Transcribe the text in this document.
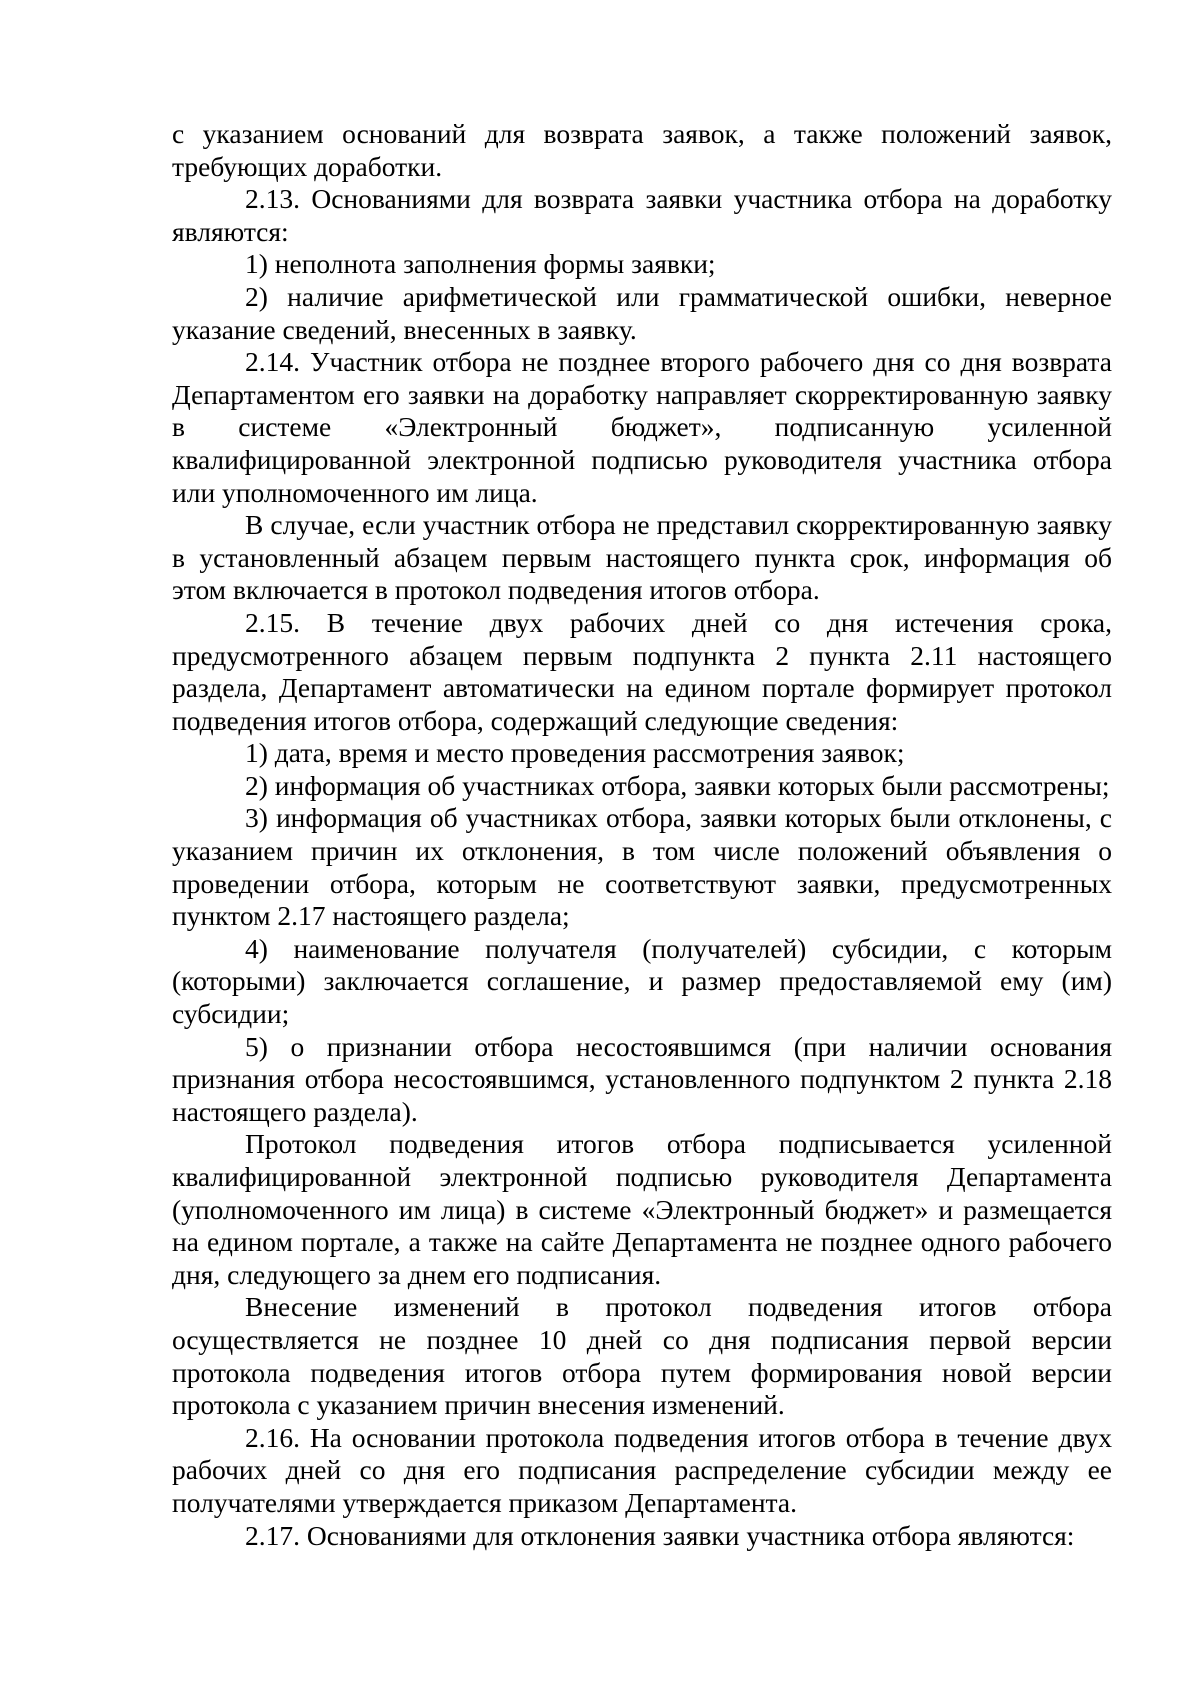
с указанием оснований для возврата заявок, а также положений заявок, требующих доработки.

2.13. Основаниями для возврата заявки участника отбора на доработку являются:

1) неполнота заполнения формы заявки;

2) наличие арифметической или грамматической ошибки, неверное указание сведений, внесенных в заявку.

2.14. Участник отбора не позднее второго рабочего дня со дня возврата Департаментом его заявки на доработку направляет скорректированную заявку в системе «Электронный бюджет», подписанную усиленной квалифицированной электронной подписью руководителя участника отбора или уполномоченного им лица.

В случае, если участник отбора не представил скорректированную заявку в установленный абзацем первым настоящего пункта срок, информация об этом включается в протокол подведения итогов отбора.

2.15. В течение двух рабочих дней со дня истечения срока, предусмотренного абзацем первым подпункта 2 пункта 2.11 настоящего раздела, Департамент автоматически на едином портале формирует протокол подведения итогов отбора, содержащий следующие сведения:

1) дата, время и место проведения рассмотрения заявок;

2) информация об участниках отбора, заявки которых были рассмотрены;

3) информация об участниках отбора, заявки которых были отклонены, с указанием причин их отклонения, в том числе положений объявления о проведении отбора, которым не соответствуют заявки, предусмотренных пунктом 2.17 настоящего раздела;

4) наименование получателя (получателей) субсидии, с которым (которыми) заключается соглашение, и размер предоставляемой ему (им) субсидии;

5) о признании отбора несостоявшимся (при наличии основания признания отбора несостоявшимся, установленного подпунктом 2 пункта 2.18 настоящего раздела).

Протокол подведения итогов отбора подписывается усиленной квалифицированной электронной подписью руководителя Департамента (уполномоченного им лица) в системе «Электронный бюджет» и размещается на едином портале, а также на сайте Департамента не позднее одного рабочего дня, следующего за днем его подписания.

Внесение изменений в протокол подведения итогов отбора осуществляется не позднее 10 дней со дня подписания первой версии протокола подведения итогов отбора путем формирования новой версии протокола с указанием причин внесения изменений.

2.16. На основании протокола подведения итогов отбора в течение двух рабочих дней со дня его подписания распределение субсидии между ее получателями утверждается приказом Департамента.

2.17. Основаниями для отклонения заявки участника отбора являются:
